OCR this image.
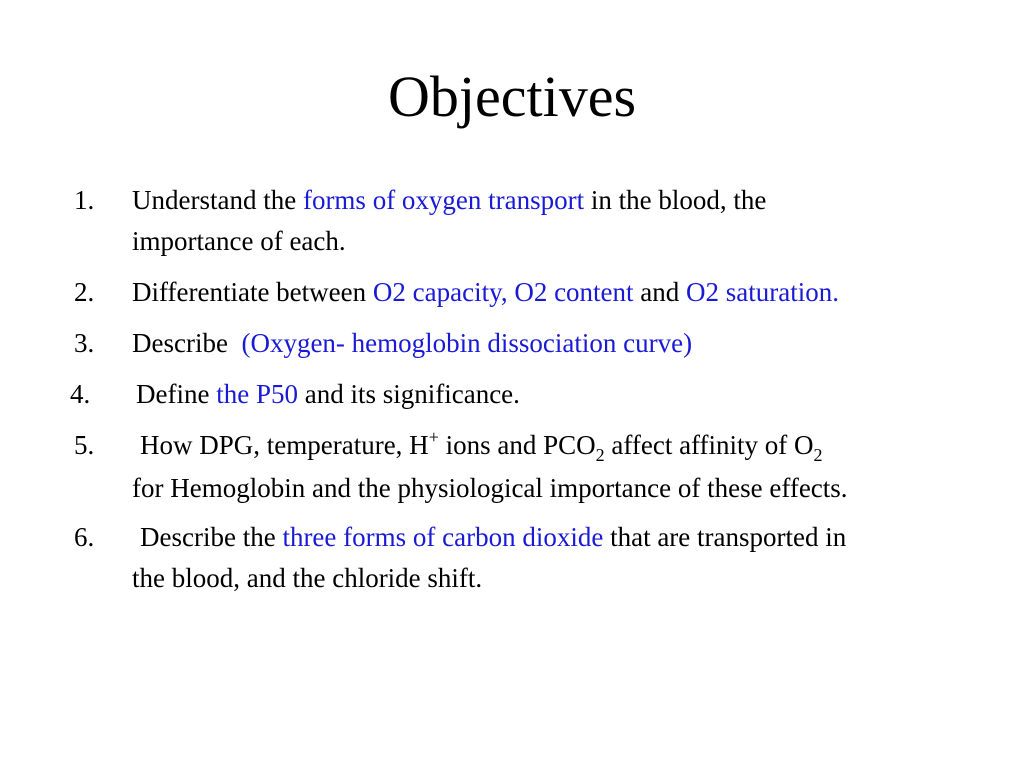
Objectives
1. Understand the forms of oxygen transport in the blood, the
importance of each.
2. Differentiate between O2 capacity, O2 content and O2 saturation.
3. Describe  (Oxygen- hemoglobin dissociation curve)
4. Define the P50 and its significance.
5. How DPG, temperature, H+ ions and $PCO_2$ affect affinity of $O_2$
for Hemoglobin and the physiological importance of these effects.
6. Describe the three forms of carbon dioxide that are transported in
the blood, and the chloride shift.
